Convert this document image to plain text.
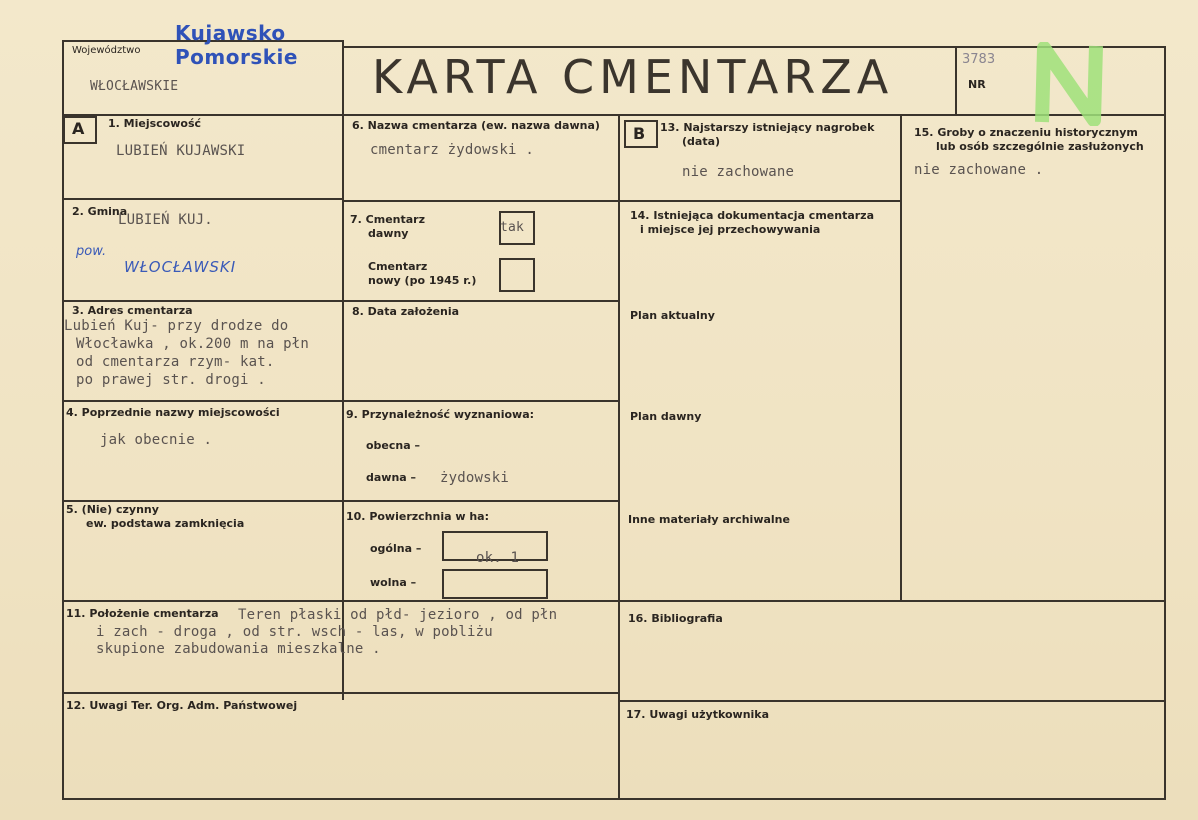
Województwo
Kujawsko
Pomorskie
WŁOCŁAWSKIE	KARTA CMENTARZA	3783
NR
A 1. Miejscowość
LUBIEŃ KUJAWSKI
2. Gmina
LUBIEŃ KUJ.
pow.
WŁOCŁAWSKI
3. Adres cmentarza
Lubień Kuj- przy drodze do
Włocławka , ok.200 m na płn
od cmentarza rzym- kat.
po prawej str. drogi .
4. Poprzednie nazwy miejscowości
jak obecnie .
5. (Nie) czynny
ew. podstawa zamknięcia
6. Nazwa cmentarza (ew. nazwa dawna)
cmentarz żydowski .
7. Cmentarz
dawny	tak
Cmentarz
nowy (po 1945 r.)
8. Data założenia
9. Przynależność wyznaniowa:
obecna –
dawna – żydowski
10. Powierzchnia w ha:
ogólna –
ok. 1
wolna –
11. Położenie cmentarza Teren płaski od płd- jezioro , od płn
i zach - droga , od str. wsch - las, w pobliżu
skupione zabudowania mieszkalne .
12. Uwagi Ter. Org. Adm. Państwowej
B 13. Najstarszy istniejący nagrobek
(data)
nie zachowane
14. Istniejąca dokumentacja cmentarza
i miejsce jej przechowywania
Plan aktualny
Plan dawny
Inne materiały archiwalne
15. Groby o znaczeniu historycznym
lub osób szczególnie zasłużonych
nie zachowane .
16. Bibliografia
17. Uwagi użytkownika
